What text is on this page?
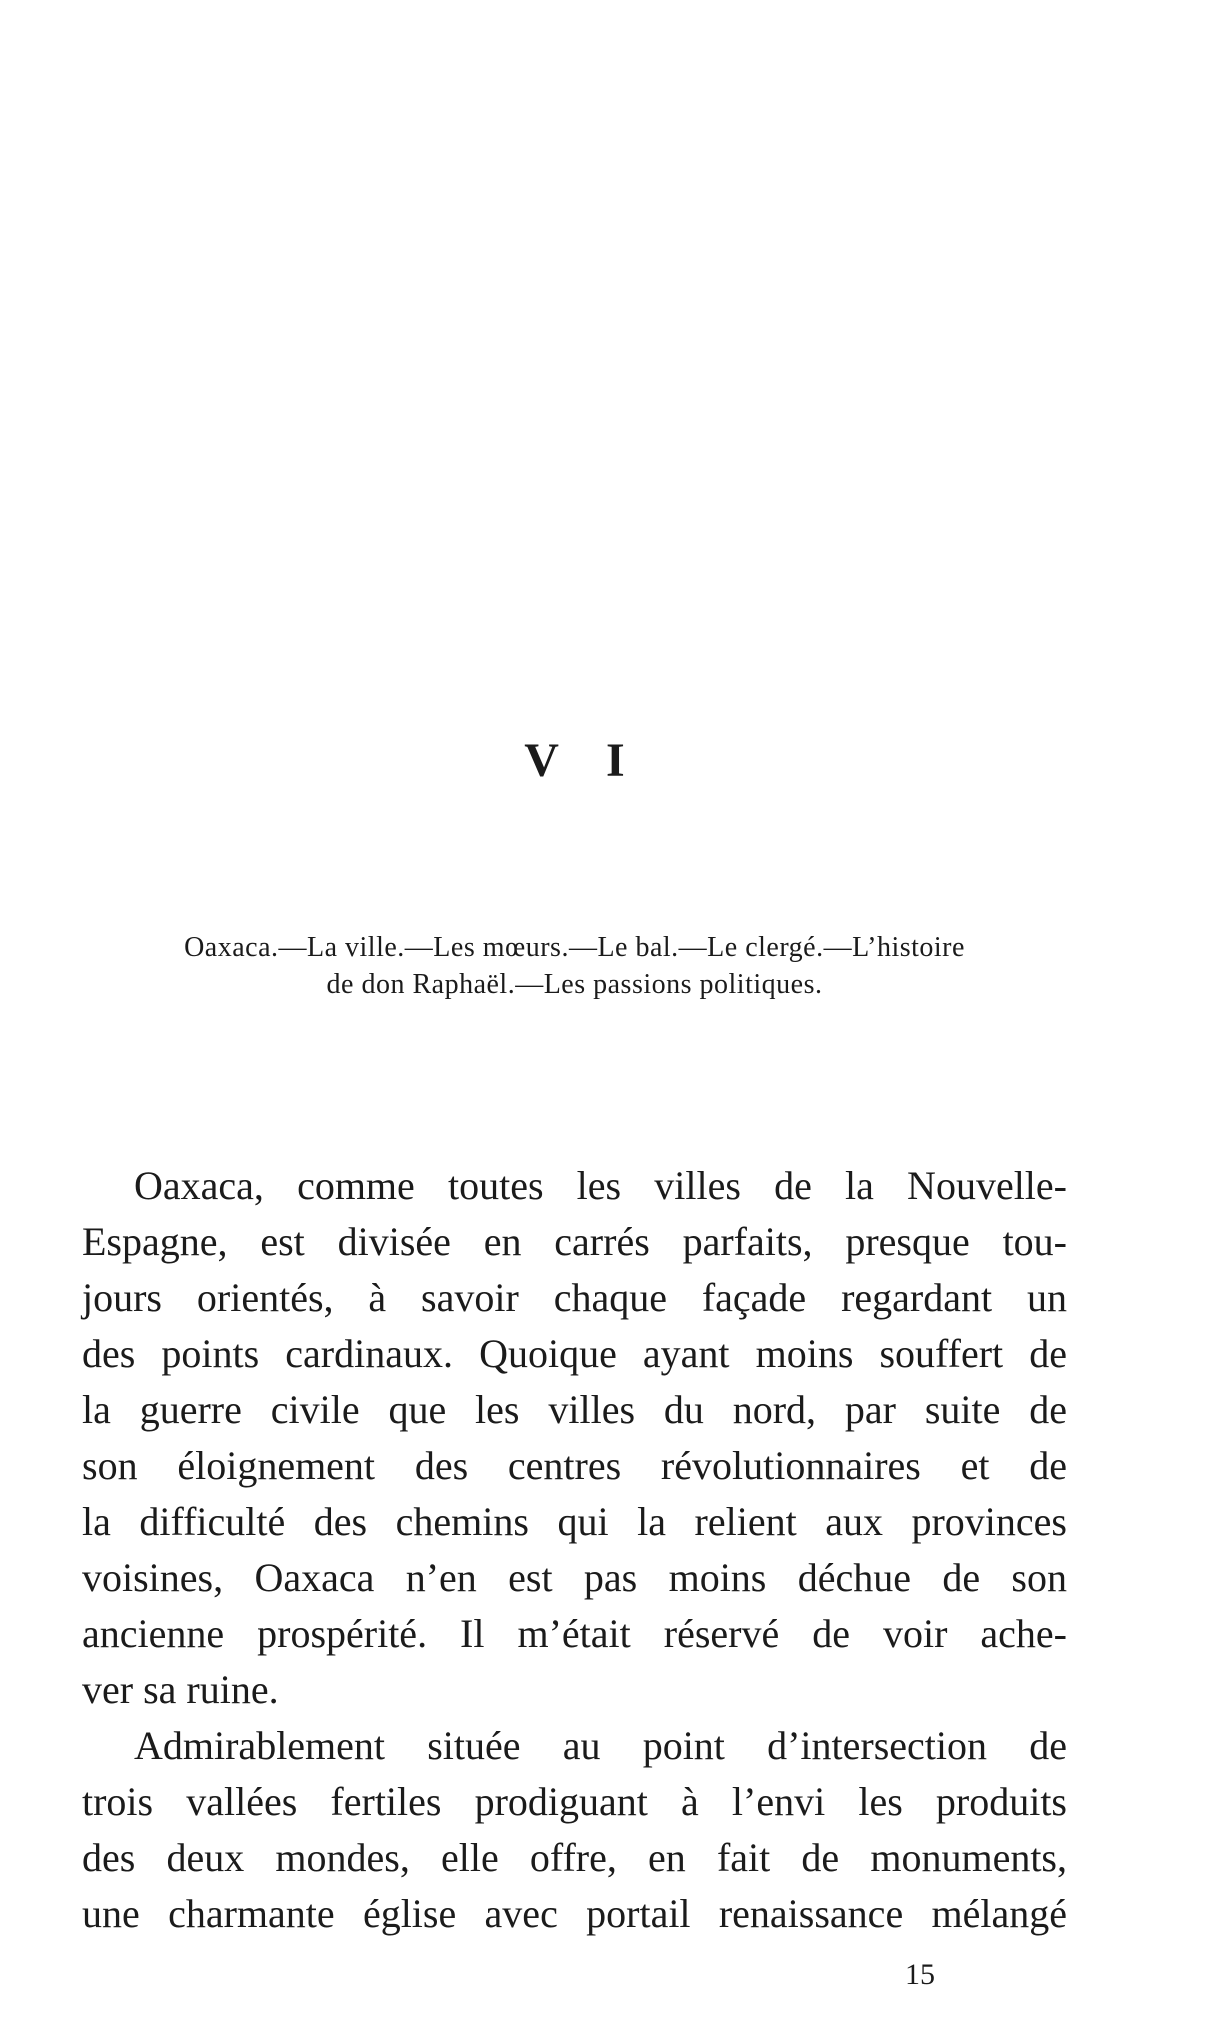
V I
Oaxaca.—La ville.—Les mœurs.—Le bal.—Le clergé.—L’histoire
de don Raphaël.—Les passions politiques.
Oaxaca, comme toutes les villes de la Nouvelle-
Espagne, est divisée en carrés parfaits, presque tou-
jours orientés, à savoir chaque façade regardant un
des points cardinaux. Quoique ayant moins souffert de
la guerre civile que les villes du nord, par suite de
son éloignement des centres révolutionnaires et de
la difficulté des chemins qui la relient aux provinces
voisines, Oaxaca n’en est pas moins déchue de son
ancienne prospérité. Il m’était réservé de voir ache-
ver sa ruine.
Admirablement située au point d’intersection de
trois vallées fertiles prodiguant à l’envi les produits
des deux mondes, elle offre, en fait de monuments,
une charmante église avec portail renaissance mélangé
15
